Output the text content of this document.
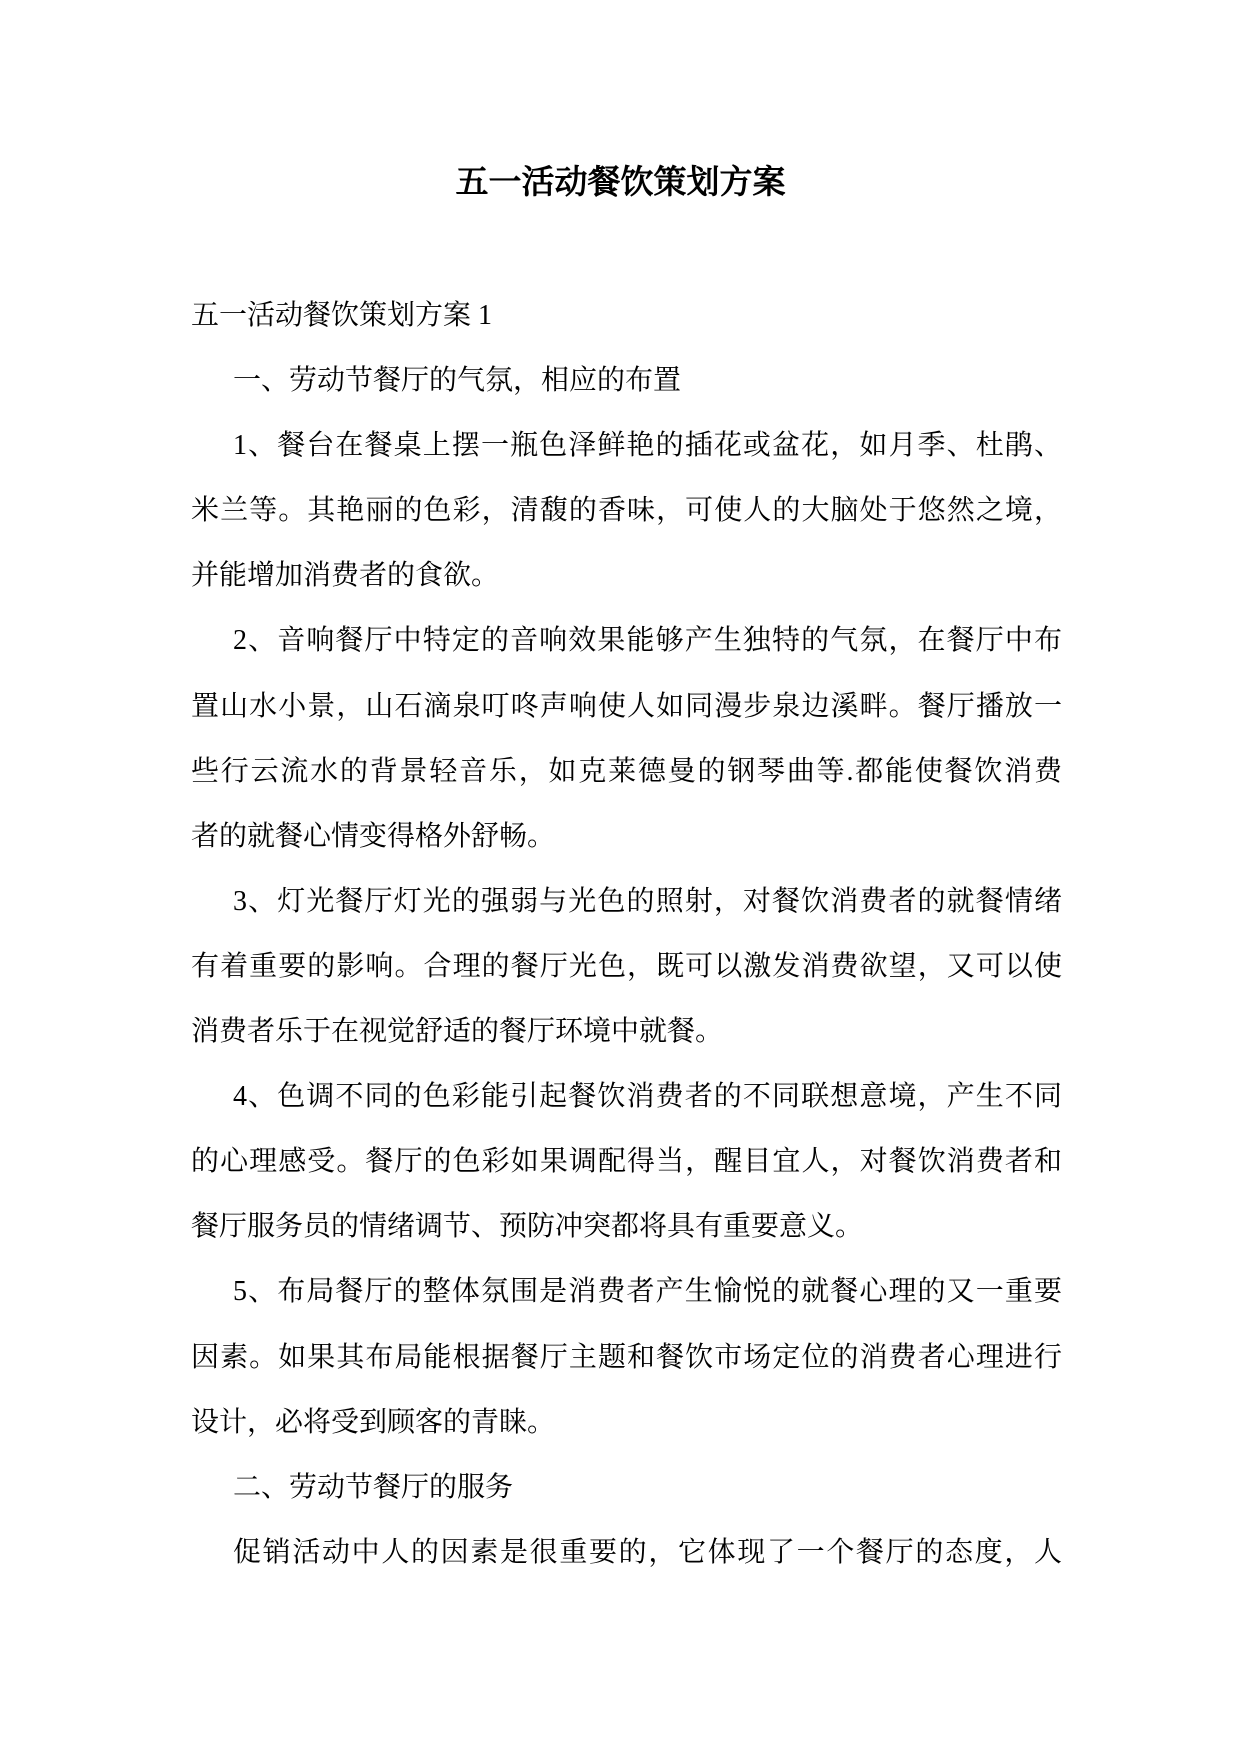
五一活动餐饮策划方案
五一活动餐饮策划方案 1
一、劳动节餐厅的气氛，相应的布置
1、餐台在餐桌上摆一瓶色泽鲜艳的插花或盆花，如月季、杜鹃、
米兰等。其艳丽的色彩，清馥的香味，可使人的大脑处于悠然之境，
并能增加消费者的食欲。
2、音响餐厅中特定的音响效果能够产生独特的气氛，在餐厅中布
置山水小景，山石滴泉叮咚声响使人如同漫步泉边溪畔。餐厅播放一
些行云流水的背景轻音乐，如克莱德曼的钢琴曲等.都能使餐饮消费
者的就餐心情变得格外舒畅。
3、灯光餐厅灯光的强弱与光色的照射，对餐饮消费者的就餐情绪
有着重要的影响。合理的餐厅光色，既可以激发消费欲望，又可以使
消费者乐于在视觉舒适的餐厅环境中就餐。
4、色调不同的色彩能引起餐饮消费者的不同联想意境，产生不同
的心理感受。餐厅的色彩如果调配得当，醒目宜人，对餐饮消费者和
餐厅服务员的情绪调节、预防冲突都将具有重要意义。
5、布局餐厅的整体氛围是消费者产生愉悦的就餐心理的又一重要
因素。如果其布局能根据餐厅主题和餐饮市场定位的消费者心理进行
设计，必将受到顾客的青睐。
二、劳动节餐厅的服务
促销活动中人的因素是很重要的，它体现了一个餐厅的态度，人
